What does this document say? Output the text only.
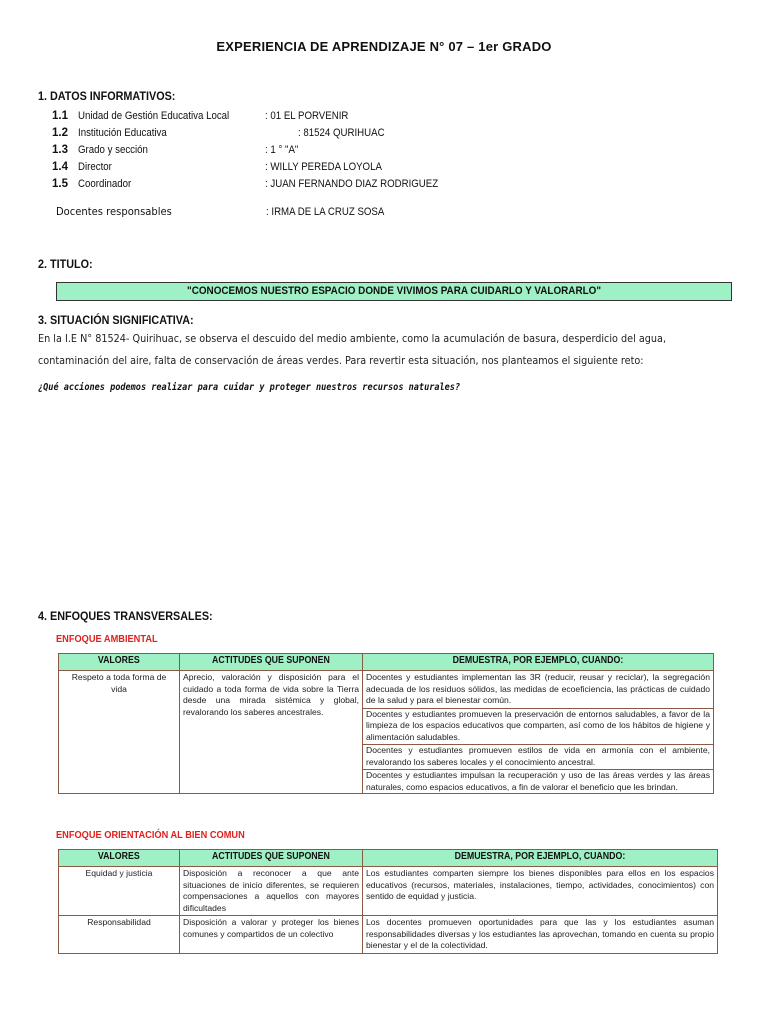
EXPERIENCIA DE APRENDIZAJE N° 07 – 1er GRADO
1. DATOS INFORMATIVOS:
1.1 Unidad de Gestión Educativa Local	: 01 EL PORVENIR
1.2 Institución Educativa	: 81524 QURIHUAC
1.3 Grado y sección	: 1 ° "A"
1.4 Director	: WILLY PEREDA LOYOLA
1.5 Coordinador	: JUAN FERNANDO DIAZ RODRIGUEZ
Docentes responsables	: IRMA DE LA CRUZ SOSA
2. TITULO:
"CONOCEMOS NUESTRO ESPACIO DONDE VIVIMOS PARA CUIDARLO Y VALORARLO"
3. SITUACIÓN SIGNIFICATIVA:
En la I.E N° 81524- Quirihuac, se observa el descuido del medio ambiente, como la acumulación de basura, desperdicio del agua,
contaminación del aire, falta de conservación de áreas verdes. Para revertir esta situación, nos planteamos el siguiente reto:
¿Qué acciones podemos realizar para cuidar y proteger nuestros recursos naturales?
4. ENFOQUES TRANSVERSALES:
ENFOQUE AMBIENTAL
VALORES	ACTITUDES QUE SUPONEN	DEMUESTRA, POR EJEMPLO, CUANDO:
Respeto a toda forma de vida	Aprecio, valoración y disposición para el cuidado a toda forma de vida sobre la Tierra desde una mirada sistémica y global, revalorando los saberes ancestrales.	Docentes y estudiantes implementan las 3R (reducir, reusar y reciclar), la segregación adecuada de los residuos sólidos, las medidas de ecoeficiencia, las prácticas de cuidado de la salud y para el bienestar común.
Docentes y estudiantes promueven la preservación de entornos saludables, a favor de la limpieza de los espacios educativos que comparten, así como de los hábitos de higiene y alimentación saludables.
Docentes y estudiantes promueven estilos de vida en armonía con el ambiente, revalorando los saberes locales y el conocimiento ancestral.
Docentes y estudiantes impulsan la recuperación y uso de las áreas verdes y las áreas naturales, como espacios educativos, a fin de valorar el beneficio que les brindan.
ENFOQUE ORIENTACIÓN AL BIEN COMUN
VALORES	ACTITUDES QUE SUPONEN	DEMUESTRA, POR EJEMPLO, CUANDO:
Equidad y justicia	Disposición a reconocer a que ante situaciones de inicio diferentes, se requieren compensaciones a aquellos con mayores dificultades	Los estudiantes comparten siempre los bienes disponibles para ellos en los espacios educativos (recursos, materiales, instalaciones, tiempo, actividades, conocimientos) con sentido de equidad y justicia.
Responsabilidad	Disposición a valorar y proteger los bienes comunes y compartidos de un colectivo	Los docentes promueven oportunidades para que las y los estudiantes asuman responsabilidades diversas y los estudiantes las aprovechan, tomando en cuenta su propio bienestar y el de la colectividad.
